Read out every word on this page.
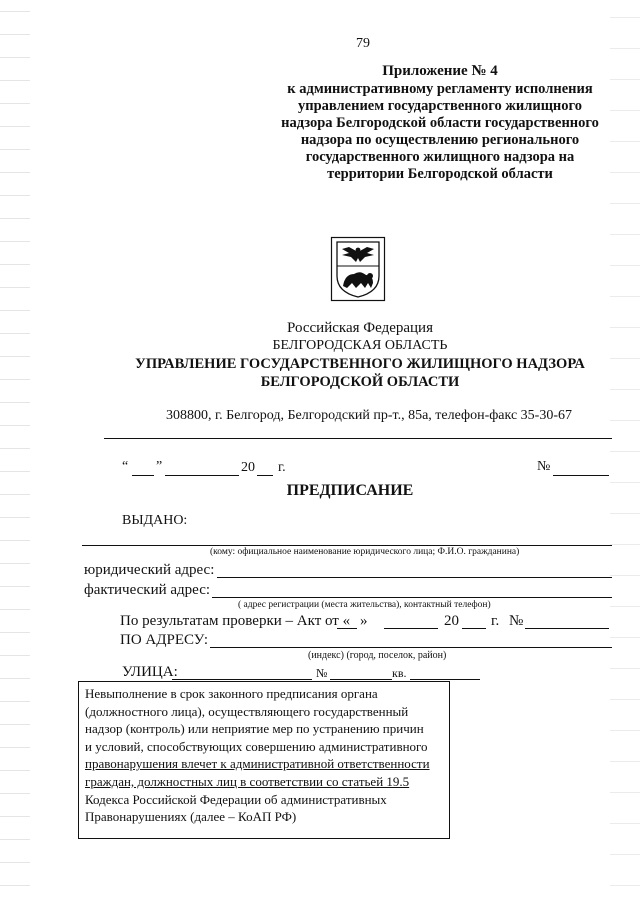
79
Приложение № 4
к административному регламенту исполнения
управлением государственного жилищного
надзора Белгородской области государственного
надзора по осуществлению регионального
государственного жилищного надзора на
территории Белгородской области
Российская Федерация
БЕЛГОРОДСКАЯ ОБЛАСТЬ
УПРАВЛЕНИЕ ГОСУДАРСТВЕННОГО ЖИЛИЩНОГО НАДЗОРА
БЕЛГОРОДСКОЙ ОБЛАСТИ
308800, г. Белгород, Белгородский пр-т., 85а, телефон-факс 35-30-67
“ ”	20 г.	№
ПРЕДПИСАНИЕ
ВЫДАНО:
(кому: официальное наименование юридического лица; Ф.И.О. гражданина)
юридический адрес:
фактический адрес:
( адрес регистрации (места жительства), контактный телефон)
По результатам проверки – Акт от « »	20 г. №
ПО АДРЕСУ:
(индекс) (город, поселок, район)
УЛИЦА:	№	кв.
Невыполнение в срок законного предписания органа
(должностного лица), осуществляющего государственный
надзор (контроль) или неприятие мер по устранению причин
и условий, способствующих совершению административного
правонарушения влечет к административной ответственности
граждан, должностных лиц в соответствии со статьей 19.5
Кодекса Российской Федерации об административных
Правонарушениях (далее – КоАП РФ)
